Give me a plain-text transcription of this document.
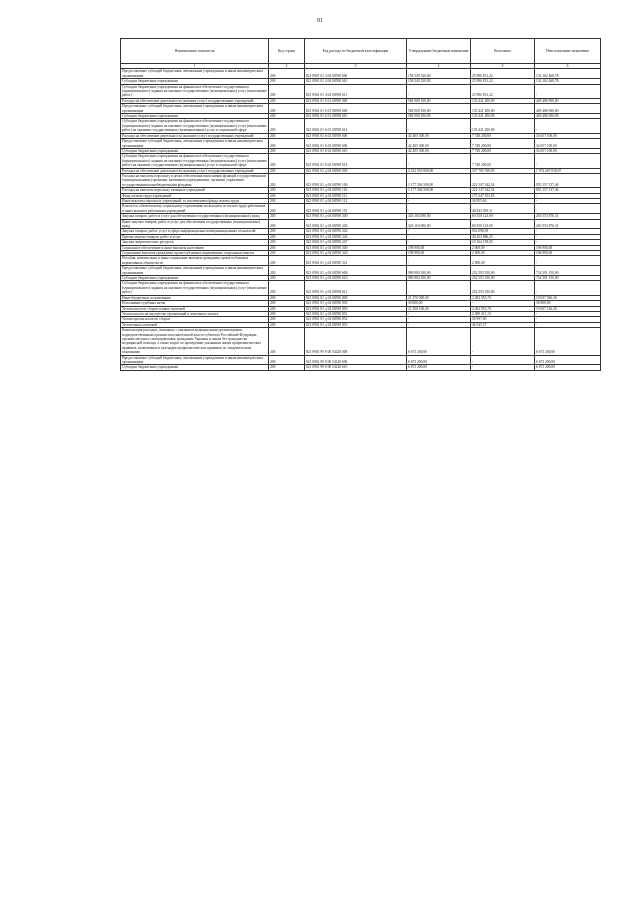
91
Наименование показателя	Код строки	Код расхода по бюджетной классификации	Утвержденные бюджетные назначения	Исполнено	Неисполненные назначения
1	2	3	4	5	6
Предоставление субсидий бюджетным, автономным учреждениям и иным некоммерческим организациям	200	821 0901 01 4 04 00590 600	158 349 320,00	25 986 831,22	132 162 468,78
Субсидии бюджетным учреждениям	200	821 0901 01 4 04 00590 610	158 349 320,00	25 986 831,22	132 162 468,78
Субсидии бюджетным учреждениям на финансовое обеспечение государственного (муниципального) задания на оказание государственных (муниципальных) услуг (выполнение работ)	200	821 0901 01 4 04 00590 611	-	25 986 831,22	-
Расходы на обеспечение деятельности (оказание услуг) государственных учреждений	200	821 0901 01 6 01 00590 000	584 908 100,00	135 421 200,00	449 486 900,00
Предоставление субсидий бюджетным, автономным учреждениям и иным некоммерческим организациям	200	821 0901 01 6 01 00590 600	584 908 100,00	135 421 200,00	449 486 900,00
Субсидии бюджетным учреждениям	200	821 0901 01 6 01 00590 610	584 908 100,00	135 421 200,00	449 486 900,00
Субсидии бюджетным учреждениям на финансовое обеспечение государственного (муниципального) задания на оказание государственных (муниципальных) услуг (выполнение работ) на оказание государственных (муниципальных) услуг в социальной сфере	200	821 0901 01 6 01 00590 614	-	135 421 200,00	-
Расходы на обеспечение деятельности (оказание услуг) государственных учреждений	200	821 0901 01 6 02 00590 000	42 405 300,00	7 748 200,00	34 657 100,00
Предоставление субсидий бюджетным, автономным учреждениям и иным некоммерческим организациям	200	821 0901 01 6 02 00590 600	42 405 300,00	7 748 200,00	34 657 100,00
Субсидии бюджетным учреждениям	200	821 0901 01 6 02 00590 610	42 405 300,00	7 748 200,00	34 657 100,00
Субсидии бюджетным учреждениям на финансовое обеспечение государственного (муниципального) задания на оказание государственных (муниципальных) услуг (выполнение работ) на оказание государственных (муниципальных) услуг в социальной сфере	200	821 0901 01 6 02 00590 614	-	7 748 200,00	-
Расходы на обеспечение деятельности (оказание услуг) государственных учреждений	200	821 0901 01 д 04 00590 000	2 312 053 800,00	337 785 769,93	1 974 267 030,07
Расходы на выплаты персоналу в целях обеспечения выполнения функций государственными (муниципальными) органами, казенными учреждениями, органами управления государственными внебюджетными фондами	200	821 0901 01 д 04 00590 100	1 177 394 500,00	222 147 342,54	955 157 137,46
Расходы на выплаты персоналу казенных учреждений	200	821 0901 01 д 04 00590 110	1 177 394 500,00	222 147 342,54	955 157 137,46
Фонд оплаты труда учреждений	200	821 0901 01 д 04 00590 111	-	175 247 553,83	-
Иные выплаты персоналу учреждений, за исключением фонда оплаты труда	200	821 0901 01 д 04 00590 112	-	36 855,60	-
Взносы по обязательному социальному страхованию на выплаты по оплате труда работников и иные выплаты работникам учреждений	200	821 0901 01 д 04 00590 119	-	46 843 093,11	-
Закупка товаров, работ и услуг для обеспечения государственных (муниципальных) нужд	200	821 0901 01 д 04 00590 200	326 104 000,00	60 550 123,69	265 553 876,31
Иные закупки товаров, работ и услуг для обеспечения государственных (муниципальных) нужд	200	821 0901 01 д 04 00590 240	326 104 000,00	60 550 123,69	265 553 876,31
Закупка товаров, работ, услуг в сфере информационно-коммуникационных технологий	200	821 0901 01 д 04 00590 242	-	932 098,39	-
Прочая закупка товаров, работ и услуг	200	821 0901 01 д 04 00590 244	-	40 453 886,25	-
Закупка энергетических ресурсов	200	821 0901 01 д 04 00590 247	-	19 164 139,05	-
Социальное обеспечение и иные выплаты населению	200	821 0901 01 д 04 00590 300	198 900,00	2 000,00	196 900,00
Социальные выплаты гражданам, кроме публичных нормативных социальных выплат	200	821 0901 01 д 04 00590 320	198 900,00	2 000,00	196 900,00
Пособия, компенсации и иные социальные выплаты гражданам, кроме публичных нормативных обязательств	200	821 0901 01 д 04 00590 321	-	2 000,00	-
Предоставление субсидий бюджетным, автономным учреждениям и иным некоммерческим организациям	200	821 0901 01 д 04 00590 600	986 984 500,00	252 593 350,00	734 391 150,00
Субсидии бюджетным учреждениям	200	821 0901 01 д 04 00590 610	986 984 500,00	252 593 350,00	734 391 150,00
Субсидии бюджетным учреждениям на финансовое обеспечение государственного (муниципального) задания на оказание государственных (муниципальных) услуг (выполнение работ)	200	821 0901 01 д 04 00590 611	-	252 593 350,00	-
Иные бюджетные ассигнования	200	821 0901 01 д 04 00590 800	21 370 900,00	2 492 953,70	19 037 946,30
Исполнение судебных актов	200	821 0901 01 д 04 00590 830	30 800,00	-	30 800,00
Уплата налогов, сборов и иных платежей	200	821 0901 01 д 04 00590 850	21 500 100,00	2 492 953,70	19 007 146,30
Уплата налога на имущество организаций и земельного налога	200	821 0901 01 д 04 00590 851	-	2 389 411,13	-
Уплата прочих налогов, сборов	200	821 0901 01 д 04 00590 852	-	56 997,00	-
Уплата иных платежей	200	821 0901 01 д 04 00590 853	-	46 545,57	-
Компенсация расходов, связанных с оказанием медицинскими организациями, подведомственными органам исполнительной власти субъектов Российской Федерации, органам местного самоуправления, гражданам Украины и лицам без гражданства медицинской помощи, а также затрат по проведению указанным лицам профилактических прививок, включенных в календарь профилактических прививок по эпидемическим показаниям	200	821 0901 99 9 00 54220 000	6 673 200,00	-	6 673 200,00
Предоставление субсидий бюджетным, автономным учреждениям и иным некоммерческим организациям	200	821 0901 99 9 00 54220 600	6 673 200,00	-	6 673 200,00
Субсидии бюджетным учреждениям	200	821 0901 99 9 00 54220 610	6 673 200,00	-	6 673 200,00
